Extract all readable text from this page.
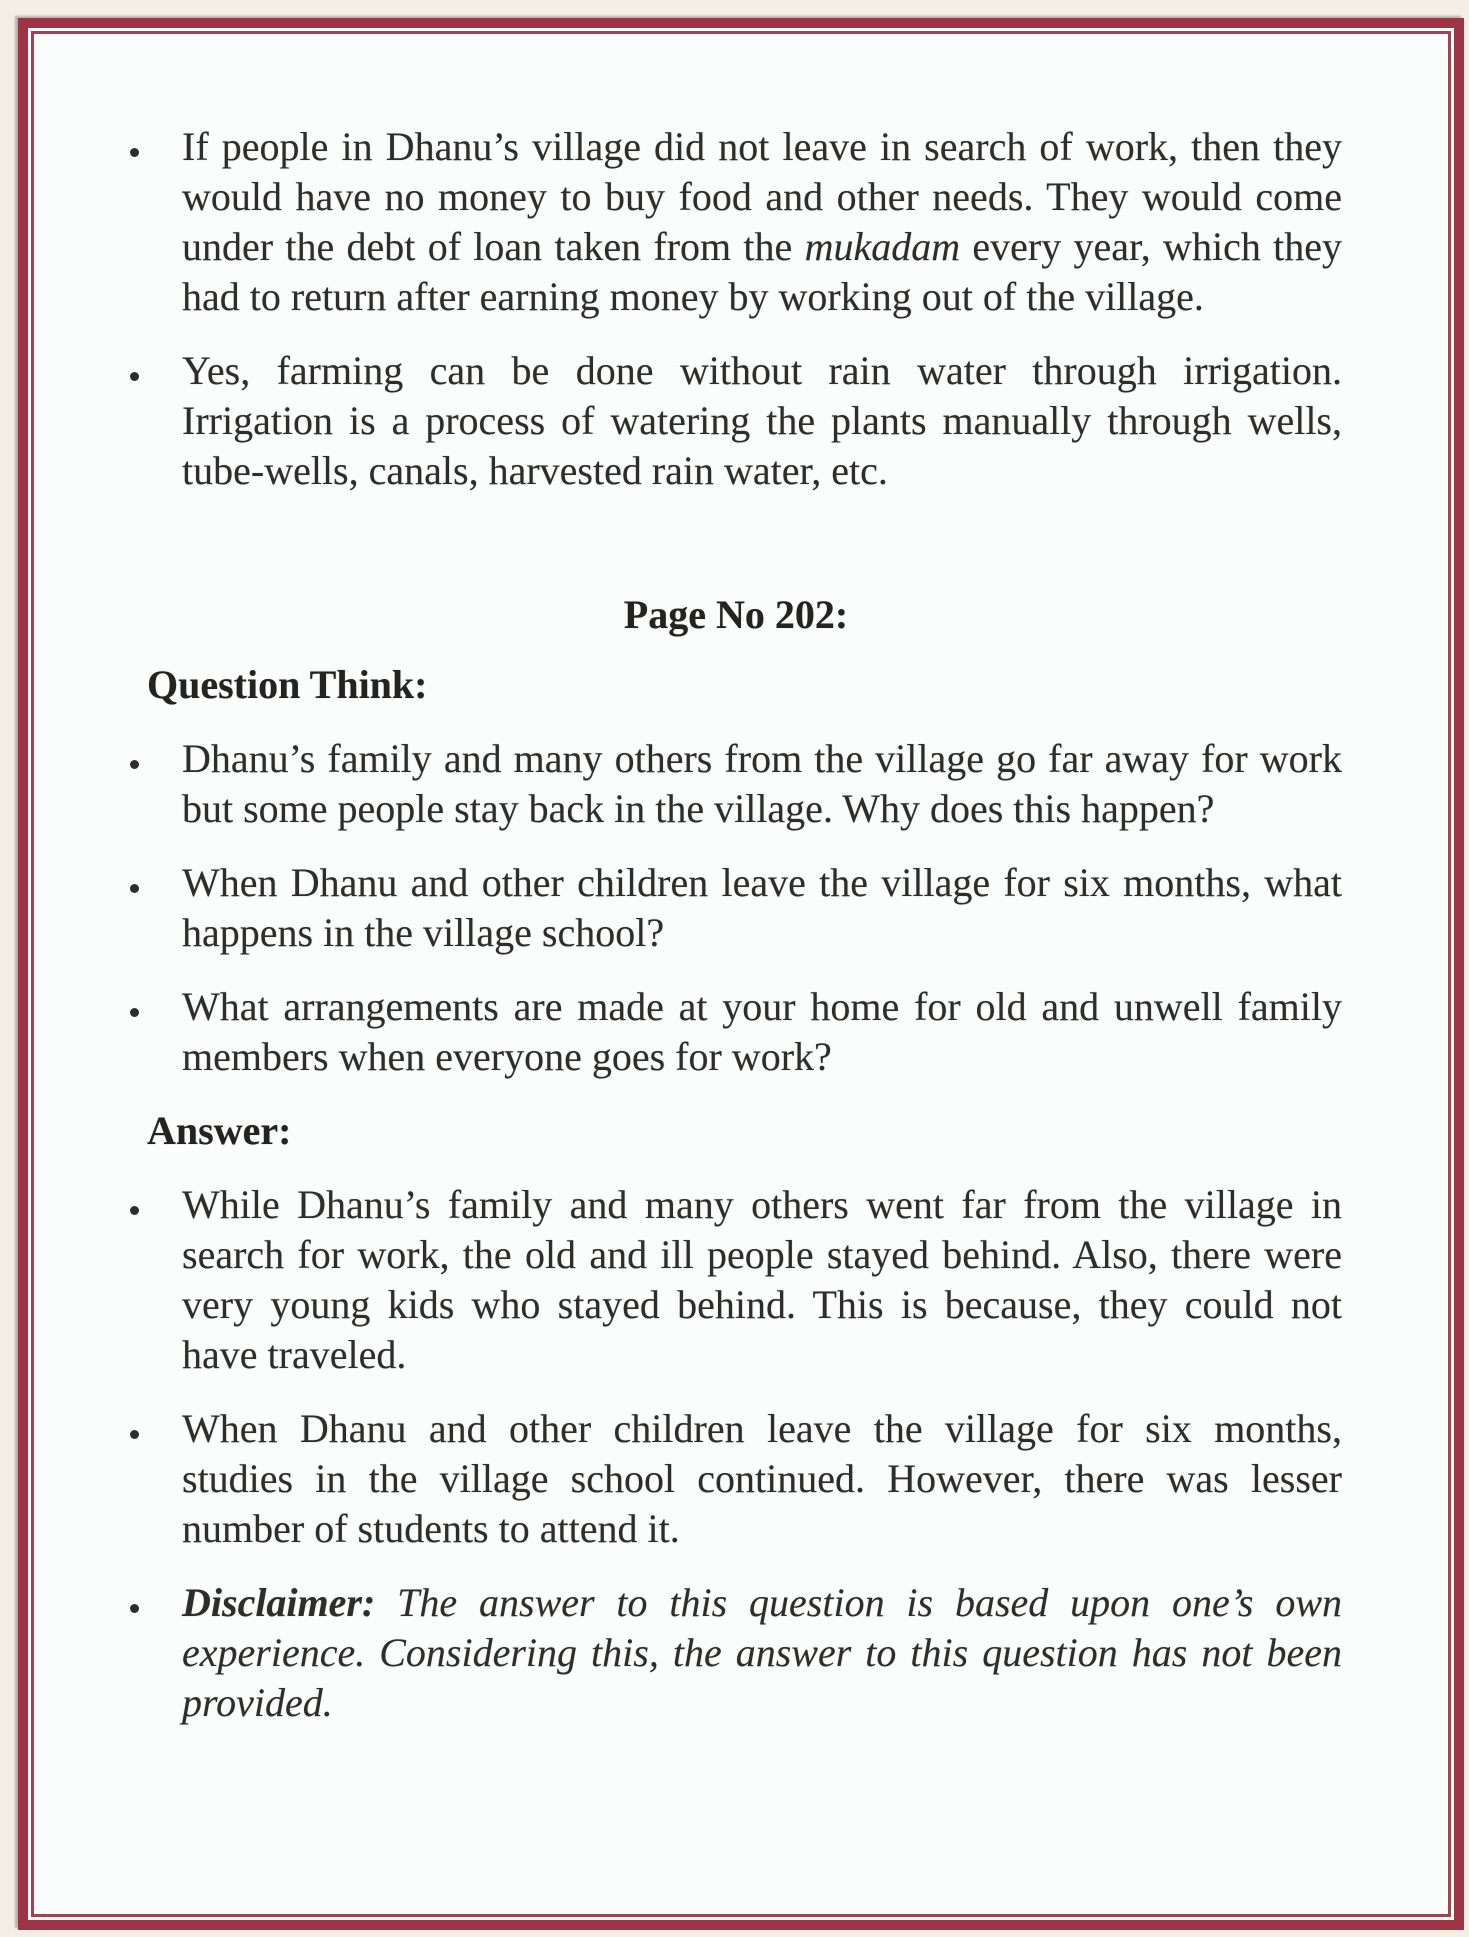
If people in Dhanu’s village did not leave in search of work, then they
would have no money to buy food and other needs. They would come
under the debt of loan taken from the mukadam every year, which they
had to return after earning money by working out of the village.
Yes, farming can be done without rain water through irrigation.
Irrigation is a process of watering the plants manually through wells,
tube-wells, canals, harvested rain water, etc.
Page No 202:
Question Think:
Dhanu’s family and many others from the village go far away for work
but some people stay back in the village. Why does this happen?
When Dhanu and other children leave the village for six months, what
happens in the village school?
What arrangements are made at your home for old and unwell family
members when everyone goes for work?
Answer:
While Dhanu’s family and many others went far from the village in
search for work, the old and ill people stayed behind. Also, there were
very young kids who stayed behind. This is because, they could not
have traveled.
When Dhanu and other children leave the village for six months,
studies in the village school continued. However, there was lesser
number of students to attend it.
Disclaimer: The answer to this question is based upon one’s own
experience. Considering this, the answer to this question has not been
provided.
